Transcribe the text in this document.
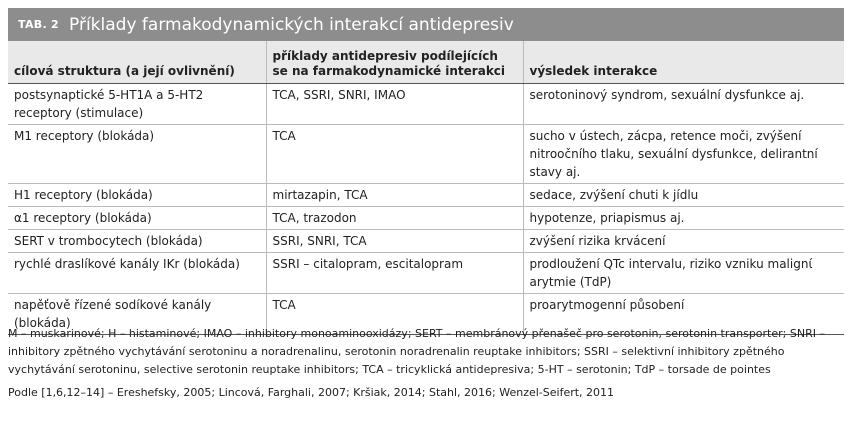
TAB. 2 Příklady farmakodynamických interakcí antidepresiv
cílová struktura (a její ovlivnění)	příklady antidepresiv podílejících se na farmakodynamické interakci	výsledek interakce
postsynaptické 5-HT1A a 5-HT2 receptory (stimulace)	TCA, SSRI, SNRI, IMAO	serotoninový syndrom, sexuální dysfunkce aj.
M1 receptory (blokáda)	TCA	sucho v ústech, zácpa, retence moči, zvýšení nitroočního tlaku, sexuální dysfunkce, delirantní stavy aj.
H1 receptory (blokáda)	mirtazapin, TCA	sedace, zvýšení chuti k jídlu
α1 receptory (blokáda)	TCA, trazodon	hypotenze, priapismus aj.
SERT v trombocytech (blokáda)	SSRI, SNRI, TCA	zvýšení rizika krvácení
rychlé draslíkové kanály IKr (blokáda)	SSRI – citalopram, escitalopram	prodloužení QTc intervalu, riziko vzniku malignί arytmie (TdP)
napěťově řízené sodíkové kanály (blokáda)	TCA	proarytmogenní působení
M – muskarinové; H – histaminové; IMAO – inhibitory monoaminooxidázy; SERT – membránový přenašeč pro serotonin, serotonin transporter; SNRI – inhibitory zpětného vychytávání serotoninu a noradrenalinu, serotonin noradrenalin reuptake inhibitors; SSRI – selektivní inhibitory zpětného vychytávání serotoninu, selective serotonin reuptake inhibitors; TCA – tricyklická antidepresiva; 5-HT – serotonin; TdP – torsade de pointes
Podle [1,6,12–14] – Ereshefsky, 2005; Lincová, Farghali, 2007; Kršiak, 2014; Stahl, 2016; Wenzel-Seifert, 2011
